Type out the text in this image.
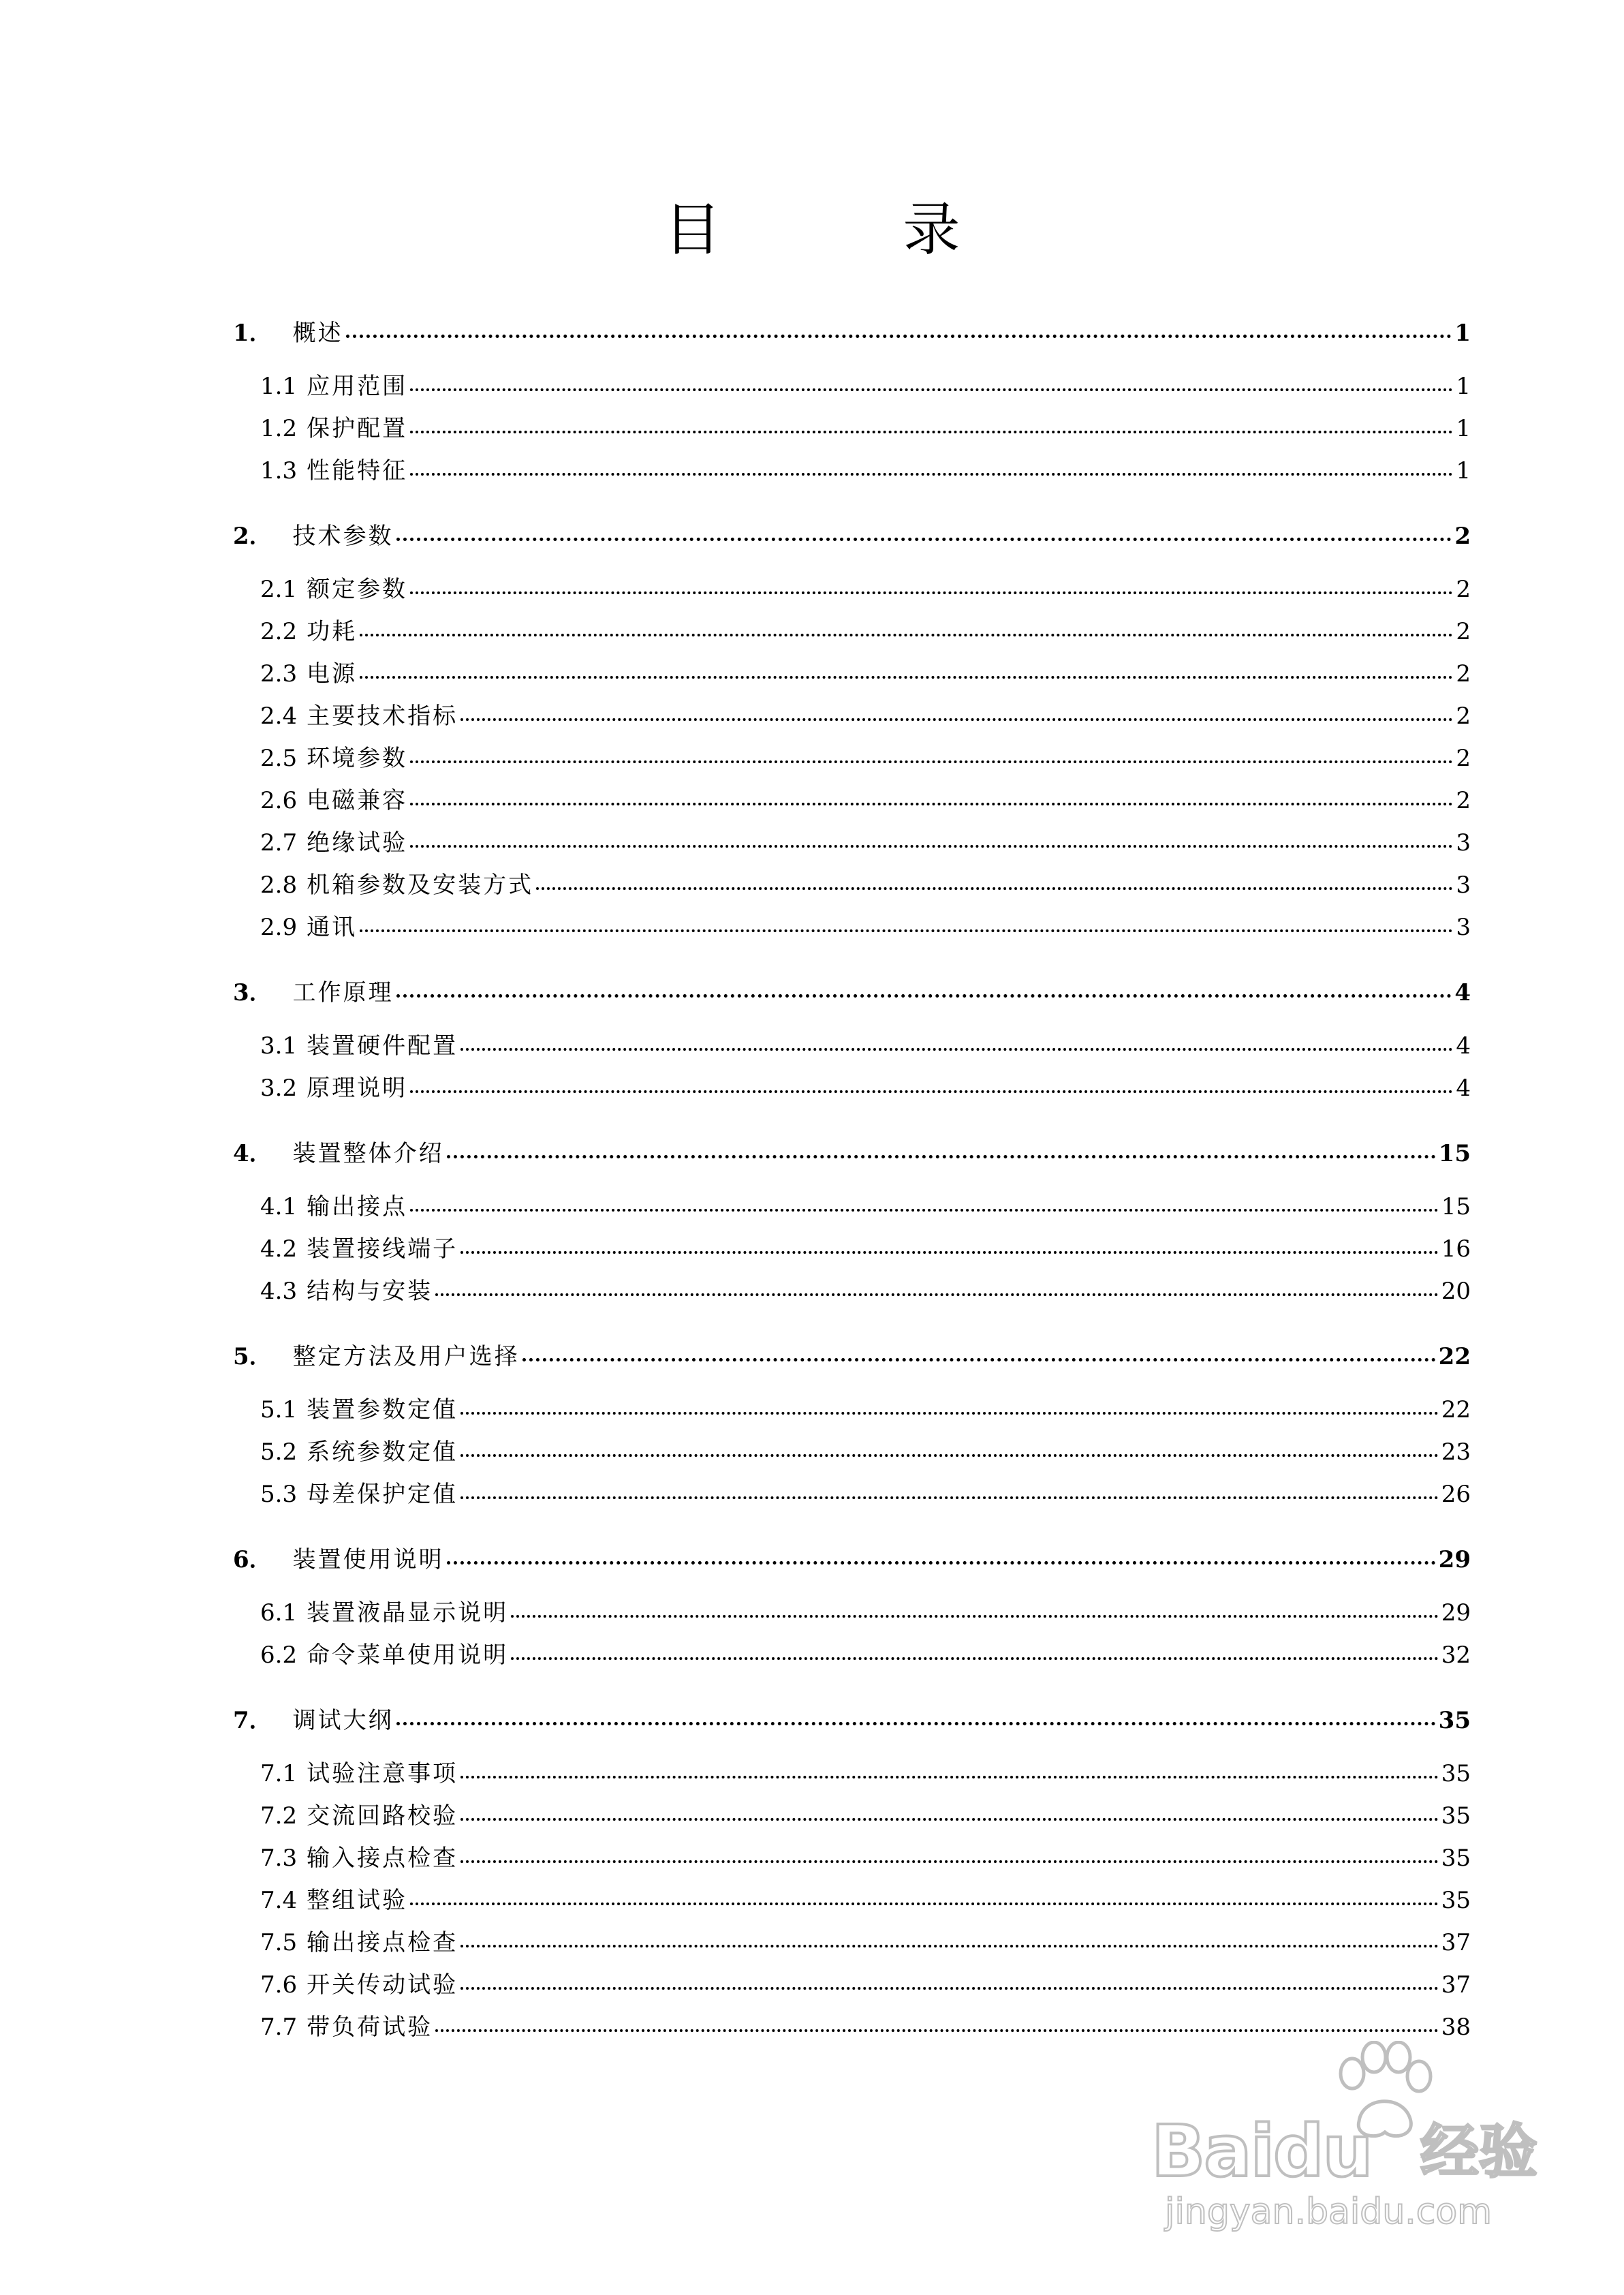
目 录
1． 概述	1
1.1 应用范围	1
1.2 保护配置	1
1.3 性能特征	1
2． 技术参数	2
2.1 额定参数	2
2.2 功耗	2
2.3 电源	2
2.4 主要技术指标	2
2.5 环境参数	2
2.6 电磁兼容	2
2.7 绝缘试验	3
2.8 机箱参数及安装方式	3
2.9 通讯	3
3． 工作原理	4
3.1 装置硬件配置	4
3.2 原理说明	4
4． 装置整体介绍	15
4.1 输出接点	15
4.2 装置接线端子	16
4.3 结构与安装	20
5． 整定方法及用户选择	22
5.1 装置参数定值	22
5.2 系统参数定值	23
5.3 母差保护定值	26
6． 装置使用说明	29
6.1 装置液晶显示说明	29
6.2 命令菜单使用说明	32
7． 调试大纲	35
7.1 试验注意事项	35
7.2 交流回路校验	35
7.3 输入接点检查	35
7.4 整组试验	35
7.5 输出接点检查	37
7.6 开关传动试验	37
7.7 带负荷试验	38
Baidu 经验
jingyan.baidu.com
